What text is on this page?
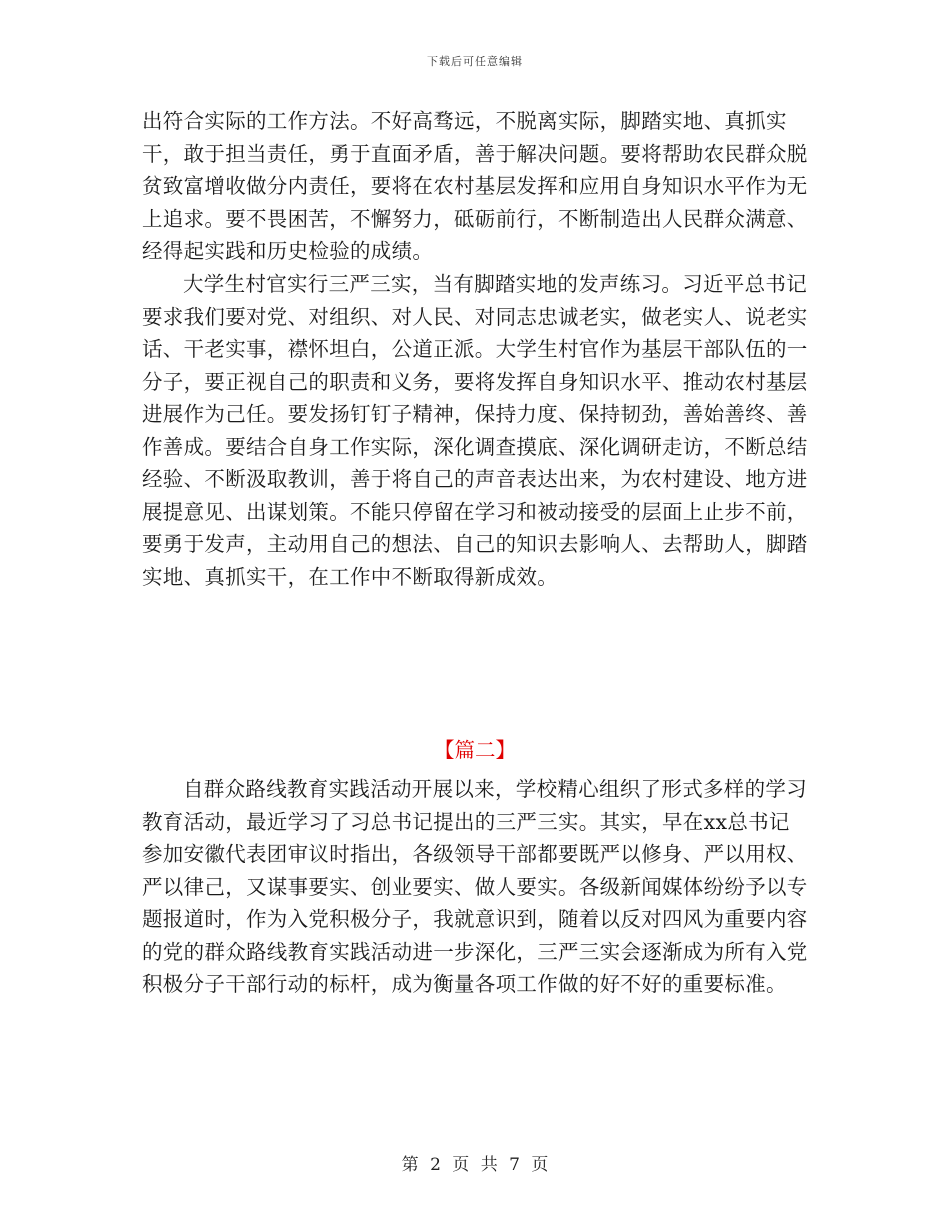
下载后可任意编辑

出符合实际的工作方法。不好高骛远，不脱离实际，脚踏实地、真抓实干，敢于担当责任，勇于直面矛盾，善于解决问题。要将帮助农民群众脱贫致富增收做分内责任，要将在农村基层发挥和应用自身知识水平作为无上追求。要不畏困苦，不懈努力，砥砺前行，不断制造出人民群众满意、经得起实践和历史检验的成绩。

大学生村官实行三严三实，当有脚踏实地的发声练习。习近平总书记要求我们要对党、对组织、对人民、对同志忠诚老实，做老实人、说老实话、干老实事，襟怀坦白，公道正派。大学生村官作为基层干部队伍的一分子，要正视自己的职责和义务，要将发挥自身知识水平、推动农村基层进展作为己任。要发扬钉钉子精神，保持力度、保持韧劲，善始善终、善作善成。要结合自身工作实际，深化调查摸底、深化调研走访，不断总结经验、不断汲取教训，善于将自己的声音表达出来，为农村建设、地方进展提意见、出谋划策。不能只停留在学习和被动接受的层面上止步不前，要勇于发声，主动用自己的想法、自己的知识去影响人、去帮助人，脚踏实地、真抓实干，在工作中不断取得新成效。

【篇二】

自群众路线教育实践活动开展以来，学校精心组织了形式多样的学习教育活动，最近学习了习总书记提出的三严三实。其实，早在xx总书记参加安徽代表团审议时指出，各级领导干部都要既严以修身、严以用权、严以律己，又谋事要实、创业要实、做人要实。各级新闻媒体纷纷予以专题报道时，作为入党积极分子，我就意识到，随着以反对四风为重要内容的党的群众路线教育实践活动进一步深化，三严三实会逐渐成为所有入党积极分子干部行动的标杆，成为衡量各项工作做的好不好的重要标准。

第 2 页 共 7 页
